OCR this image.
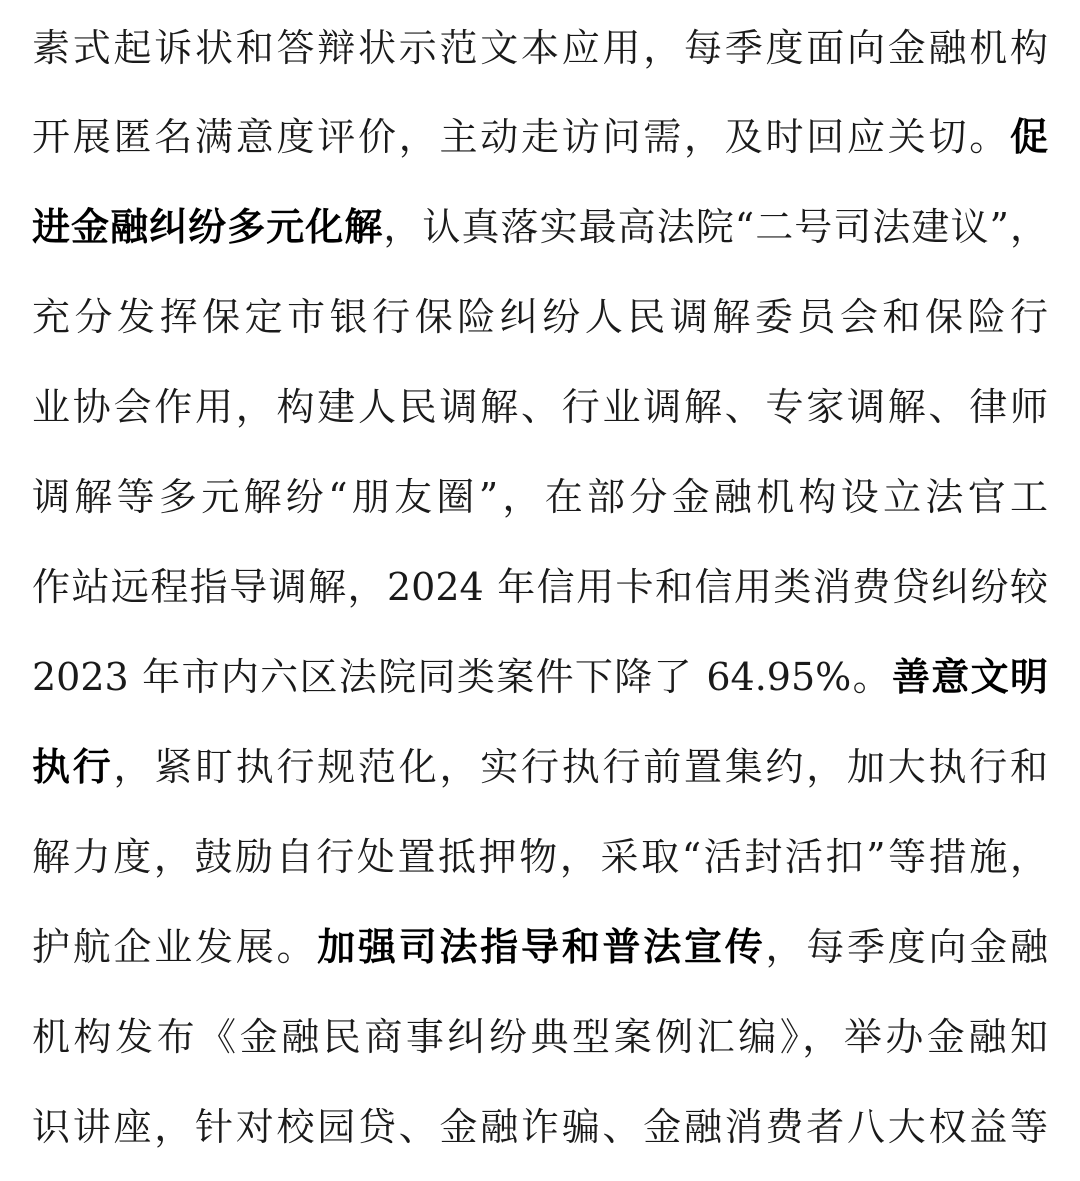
素式起诉状和答辩状示范文本应用，每季度面向金融机构
开展匿名满意度评价，主动走访问需，及时回应关切。促
进金融纠纷多元化解，认真落实最高法院“二号司法建议”，
充分发挥保定市银行保险纠纷人民调解委员会和保险行
业协会作用，构建人民调解、行业调解、专家调解、律师
调解等多元解纷“朋友圈”，在部分金融机构设立法官工
作站远程指导调解，2024 年信用卡和信用类消费贷纠纷较
2023 年市内六区法院同类案件下降了 64.95%。善意文明
执行，紧盯执行规范化，实行执行前置集约，加大执行和
解力度，鼓励自行处置抵押物，采取“活封活扣”等措施，
护航企业发展。加强司法指导和普法宣传，每季度向金融
机构发布《金融民商事纠纷典型案例汇编》，举办金融知
识讲座，针对校园贷、金融诈骗、金融消费者八大权益等
